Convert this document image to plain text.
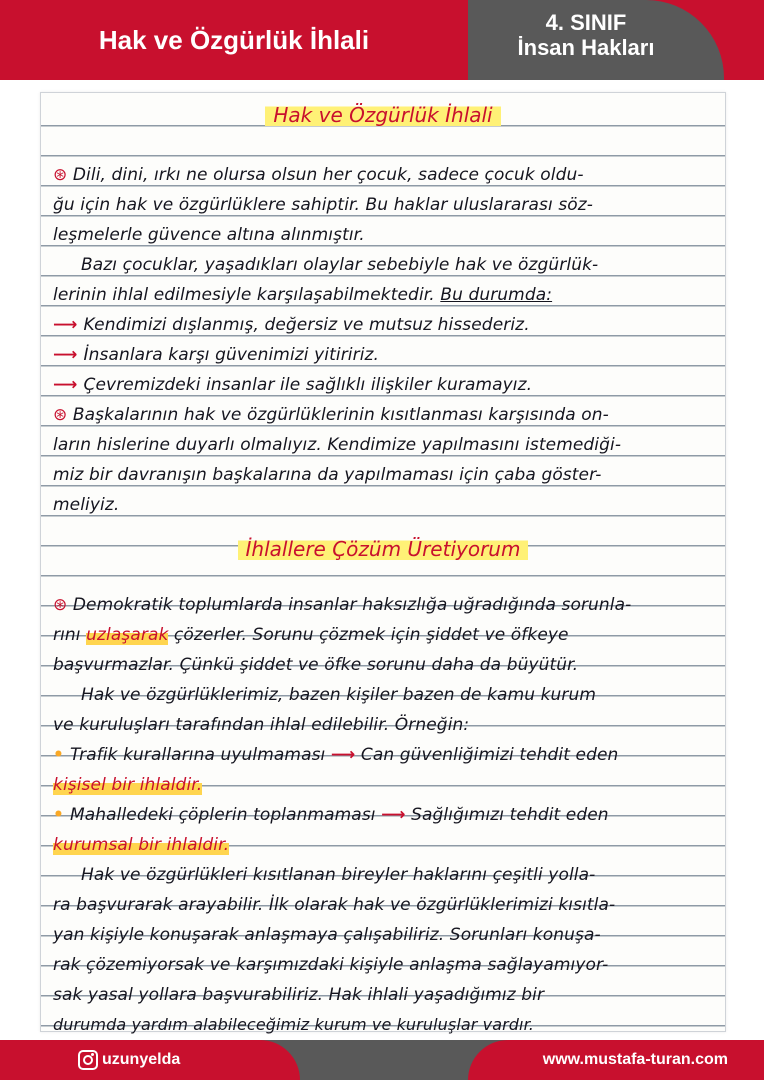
Hak ve Özgürlük İhlali
4. SINIF
İnsan Hakları
Hak ve Özgürlük İhlali
⊛ Dili, dini, ırkı ne olursa olsun her çocuk, sadece çocuk oldu-
ğu için hak ve özgürlüklere sahiptir. Bu haklar uluslararası söz-
leşmelerle güvence altına alınmıştır.
Bazı çocuklar, yaşadıkları olaylar sebebiyle hak ve özgürlük-
lerinin ihlal edilmesiyle karşılaşabilmektedir. Bu durumda:
⟶ Kendimizi dışlanmış, değersiz ve mutsuz hissederiz.
⟶ İnsanlara karşı güvenimizi yitiririz.
⟶ Çevremizdeki insanlar ile sağlıklı ilişkiler kuramayız.
⊛ Başkalarının hak ve özgürlüklerinin kısıtlanması karşısında on-
ların hislerine duyarlı olmalıyız. Kendimize yapılmasını istemediği-
miz bir davranışın başkalarına da yapılmaması için çaba göster-
meliyiz.
İhlallere Çözüm Üretiyorum
⊛ Demokratik toplumlarda insanlar haksızlığa uğradığında sorunla-
rını uzlaşarak çözerler. Sorunu çözmek için şiddet ve öfkeye
başvurmazlar. Çünkü şiddet ve öfke sorunu daha da büyütür.
Hak ve özgürlüklerimiz, bazen kişiler bazen de kamu kurum
ve kuruluşları tarafından ihlal edilebilir. Örneğin:
• Trafik kurallarına uyulmaması ⟶ Can güvenliğimizi tehdit eden
kişisel bir ihlaldir.
• Mahalledeki çöplerin toplanmaması ⟶ Sağlığımızı tehdit eden
kurumsal bir ihlaldir.
Hak ve özgürlükleri kısıtlanan bireyler haklarını çeşitli yolla-
ra başvurarak arayabilir. İlk olarak hak ve özgürlüklerimizi kısıtla-
yan kişiyle konuşarak anlaşmaya çalışabiliriz. Sorunları konuşa-
rak çözemiyorsak ve karşımızdaki kişiyle anlaşma sağlayamıyor-
sak yasal yollara başvurabiliriz. Hak ihlali yaşadığımız bir
durumda yardım alabileceğimiz kurum ve kuruluşlar vardır.
uzunyelda	www.mustafa-turan.com
